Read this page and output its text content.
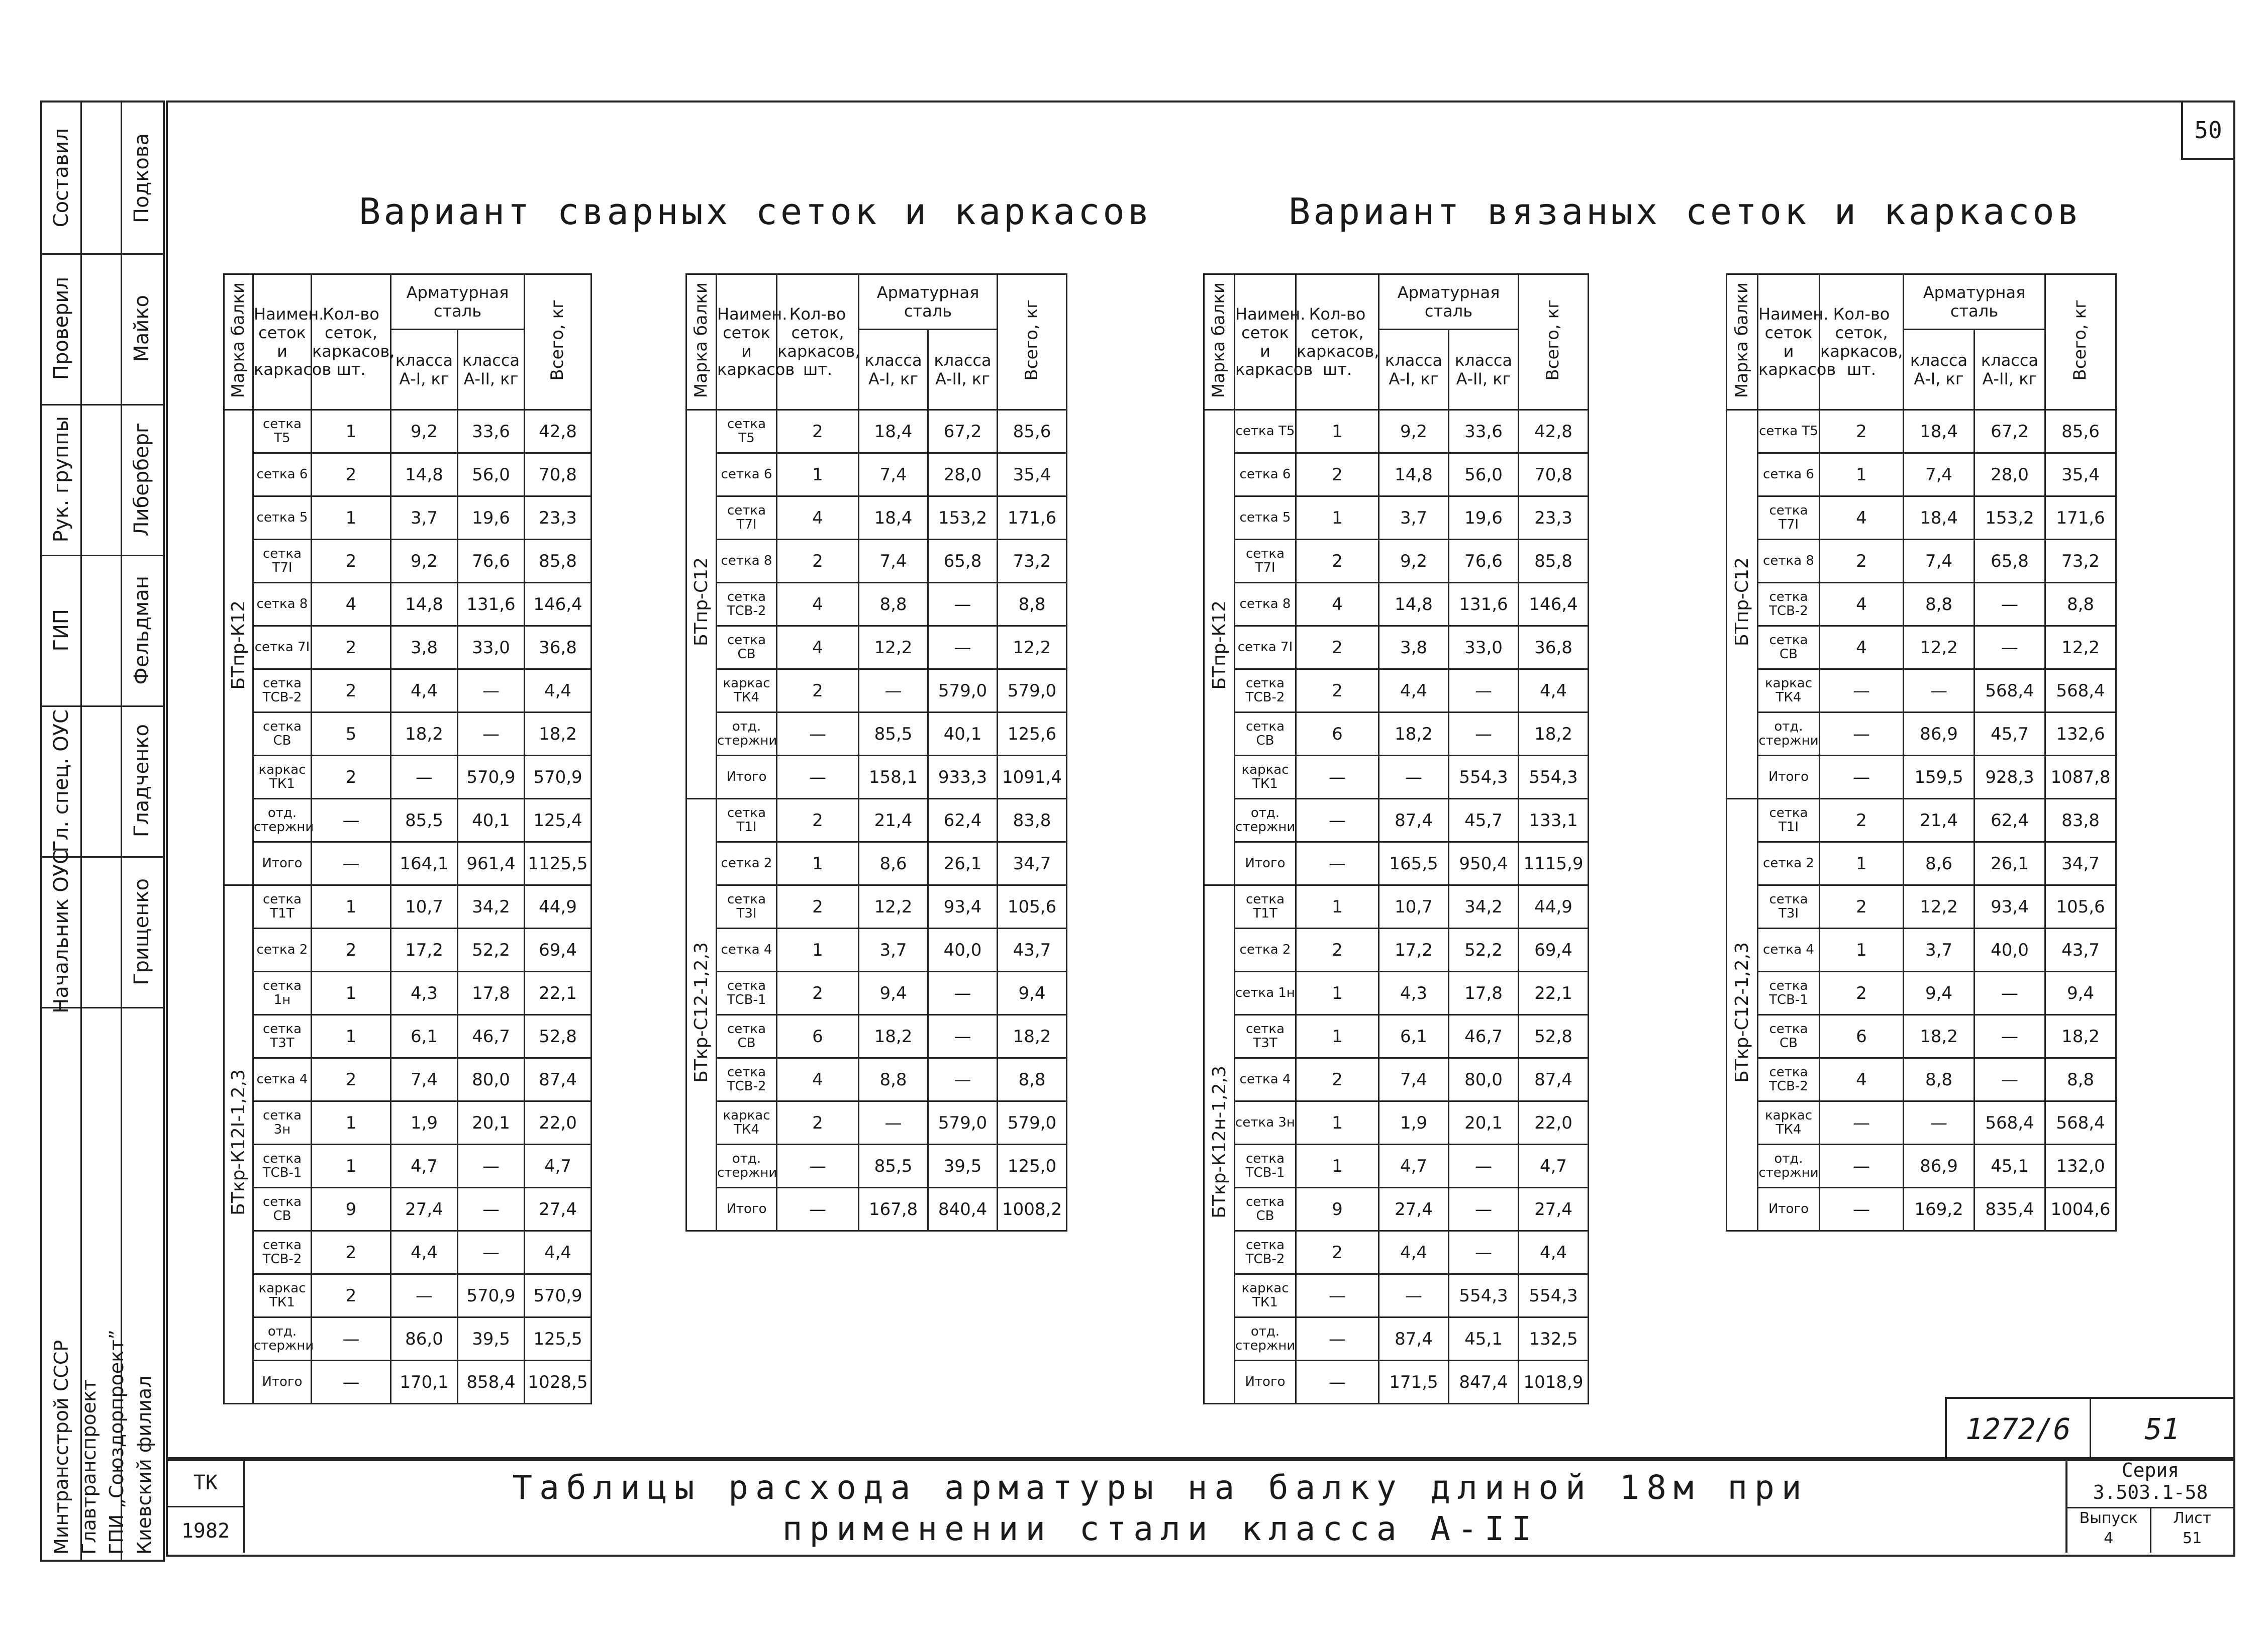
Составил	Подкова
Проверил	Майко
Рук. группы	Либерберг
ГИП	Фельдман
Гл. спец. ОУС	Гладченко
Начальник ОУС	Грищенко
Минтрансстрой СССР Главтранспроект ГПИ „Союздорпроект” Киевский филиал
50
Вариант сварных сеток и каркасов	Вариант вязаных сеток и каркасов
Марка балки	Наимен. сеток и каркасов	Кол-во сеток, каркасов, шт.	Арматурная сталь		Всего, кг
			класса А-I, кг	класса А-II, кг	
БТпр-К12	сетка Т5	1	9,2	33,6	42,8
	сетка 6	2	14,8	56,0	70,8
	сетка 5	1	3,7	19,6	23,3
	сетка Т7I	2	9,2	76,6	85,8
	сетка 8	4	14,8	131,6	146,4
	сетка 7I	2	3,8	33,0	36,8
	сетка ТСВ-2	2	4,4	—	4,4
	сетка СВ	5	18,2	—	18,2
	каркас ТК1	2	—	570,9	570,9
	отд. стержни	—	85,5	40,1	125,4
	Итого	—	164,1	961,4	1125,5
БТкр-К12I-1,2,3	сетка Т1Т	1	10,7	34,2	44,9
	сетка 2	2	17,2	52,2	69,4
	сетка 1н	1	4,3	17,8	22,1
	сетка Т3Т	1	6,1	46,7	52,8
	сетка 4	2	7,4	80,0	87,4
	сетка 3н	1	1,9	20,1	22,0
	сетка ТСВ-1	1	4,7	—	4,7
	сетка СВ	9	27,4	—	27,4
	сетка ТСВ-2	2	4,4	—	4,4
	каркас ТК1	2	—	570,9	570,9
	отд. стержни	—	86,0	39,5	125,5
	Итого	—	170,1	858,4	1028,5
Марка балки	Наимен. сеток и каркасов	Кол-во сеток, каркасов, шт.	Арматурная сталь		Всего, кг
			класса А-I, кг	класса А-II, кг	
БТпр-С12	сетка Т5	2	18,4	67,2	85,6
	сетка 6	1	7,4	28,0	35,4
	сетка Т7I	4	18,4	153,2	171,6
	сетка 8	2	7,4	65,8	73,2
	сетка ТСВ-2	4	8,8	—	8,8
	сетка СВ	4	12,2	—	12,2
	каркас ТК4	2	—	579,0	579,0
	отд. стержни	—	85,5	40,1	125,6
	Итого	—	158,1	933,3	1091,4
БТкр-С12-1,2,3	сетка Т1I	2	21,4	62,4	83,8
	сетка 2	1	8,6	26,1	34,7
	сетка Т3I	2	12,2	93,4	105,6
	сетка 4	1	3,7	40,0	43,7
	сетка ТСВ-1	2	9,4	—	9,4
	сетка СВ	6	18,2	—	18,2
	сетка ТСВ-2	4	8,8	—	8,8
	каркас ТК4	2	—	579,0	579,0
	отд. стержни	—	85,5	39,5	125,0
	Итого	—	167,8	840,4	1008,2
Марка балки	Наимен. сеток и каркасов	Кол-во сеток, каркасов, шт.	Арматурная сталь		Всего, кг
			класса А-I, кг	класса А-II, кг	
БТпр-К12	сетка Т5	1	9,2	33,6	42,8
	сетка 6	2	14,8	56,0	70,8
	сетка 5	1	3,7	19,6	23,3
	сетка Т7I	2	9,2	76,6	85,8
	сетка 8	4	14,8	131,6	146,4
	сетка 7I	2	3,8	33,0	36,8
	сетка ТСВ-2	2	4,4	—	4,4
	сетка СВ	6	18,2	—	18,2
	каркас ТК1	—	—	554,3	554,3
	отд. стержни	—	87,4	45,7	133,1
	Итого	—	165,5	950,4	1115,9
БТкр-К12н-1,2,3	сетка Т1Т	1	10,7	34,2	44,9
	сетка 2	2	17,2	52,2	69,4
	сетка 1н	1	4,3	17,8	22,1
	сетка Т3Т	1	6,1	46,7	52,8
	сетка 4	2	7,4	80,0	87,4
	сетка 3н	1	1,9	20,1	22,0
	сетка ТСВ-1	1	4,7	—	4,7
	сетка СВ	9	27,4	—	27,4
	сетка ТСВ-2	2	4,4	—	4,4
	каркас ТК1	—	—	554,3	554,3
	отд. стержни	—	87,4	45,1	132,5
	Итого	—	171,5	847,4	1018,9
Марка балки	Наимен. сеток и каркасов	Кол-во сеток, каркасов, шт.	Арматурная сталь		Всего, кг
			класса А-I, кг	класса А-II, кг	
БТпр-С12	сетка Т5	2	18,4	67,2	85,6
	сетка 6	1	7,4	28,0	35,4
	сетка Т7I	4	18,4	153,2	171,6
	сетка 8	2	7,4	65,8	73,2
	сетка ТСВ-2	4	8,8	—	8,8
	сетка СВ	4	12,2	—	12,2
	каркас ТК4	—	—	568,4	568,4
	отд. стержни	—	86,9	45,7	132,6
	Итого	—	159,5	928,3	1087,8
БТкр-С12-1,2,3	сетка Т1I	2	21,4	62,4	83,8
	сетка 2	1	8,6	26,1	34,7
	сетка Т3I	2	12,2	93,4	105,6
	сетка 4	1	3,7	40,0	43,7
	сетка ТСВ-1	2	9,4	—	9,4
	сетка СВ	6	18,2	—	18,2
	сетка ТСВ-2	4	8,8	—	8,8
	каркас ТК4	—	—	568,4	568,4
	отд. стержни	—	86,9	45,1	132,0
	Итого	—	169,2	835,4	1004,6
1272/6	51
ТК
1982
Таблицы расхода арматуры на балку длиной 18м при
применении стали класса А-II
Серия
3.503.1-58
Выпуск
4
Лист
51
